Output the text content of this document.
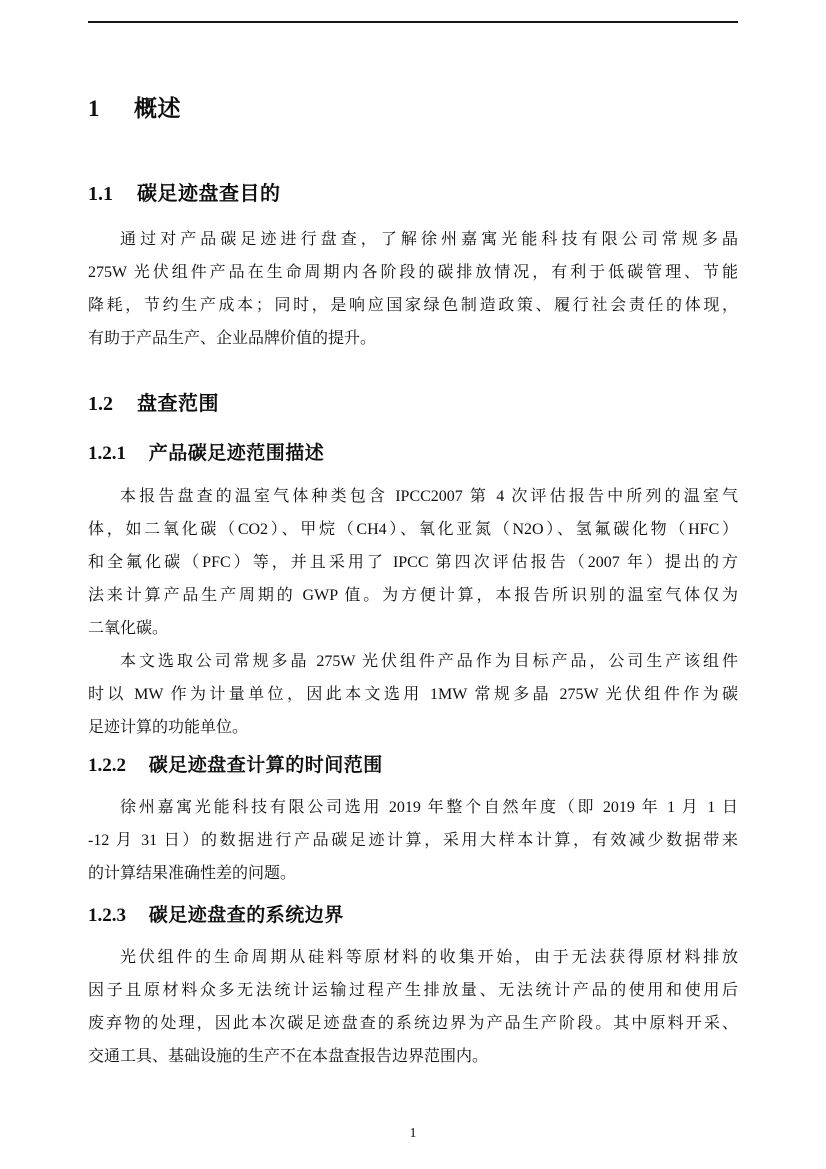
1 概述
1.1 碳足迹盘查目的
通过对产品碳足迹进行盘查，了解徐州嘉寓光能科技有限公司常规多晶
275W 光伏组件产品在生命周期内各阶段的碳排放情况，有利于低碳管理、节能
降耗，节约生产成本；同时，是响应国家绿色制造政策、履行社会责任的体现，
有助于产品生产、企业品牌价值的提升。
1.2 盘查范围
1.2.1 产品碳足迹范围描述
本报告盘查的温室气体种类包含 IPCC2007 第 4 次评估报告中所列的温室气
体，如二氧化碳（CO2）、甲烷（CH4）、氧化亚氮（N2O）、氢氟碳化物（HFC）
和全氟化碳（PFC）等，并且采用了 IPCC 第四次评估报告（2007 年）提出的方
法来计算产品生产周期的 GWP 值。为方便计算，本报告所识别的温室气体仅为
二氧化碳。
本文选取公司常规多晶 275W 光伏组件产品作为目标产品，公司生产该组件
时以 MW 作为计量单位，因此本文选用 1MW 常规多晶 275W 光伏组件作为碳
足迹计算的功能单位。
1.2.2 碳足迹盘查计算的时间范围
徐州嘉寓光能科技有限公司选用 2019 年整个自然年度（即 2019 年 1 月 1 日
-12 月 31 日）的数据进行产品碳足迹计算，采用大样本计算，有效减少数据带来
的计算结果准确性差的问题。
1.2.3 碳足迹盘查的系统边界
光伏组件的生命周期从硅料等原材料的收集开始，由于无法获得原材料排放
因子且原材料众多无法统计运输过程产生排放量、无法统计产品的使用和使用后
废弃物的处理，因此本次碳足迹盘查的系统边界为产品生产阶段。其中原料开采、
交通工具、基础设施的生产不在本盘查报告边界范围内。
1
